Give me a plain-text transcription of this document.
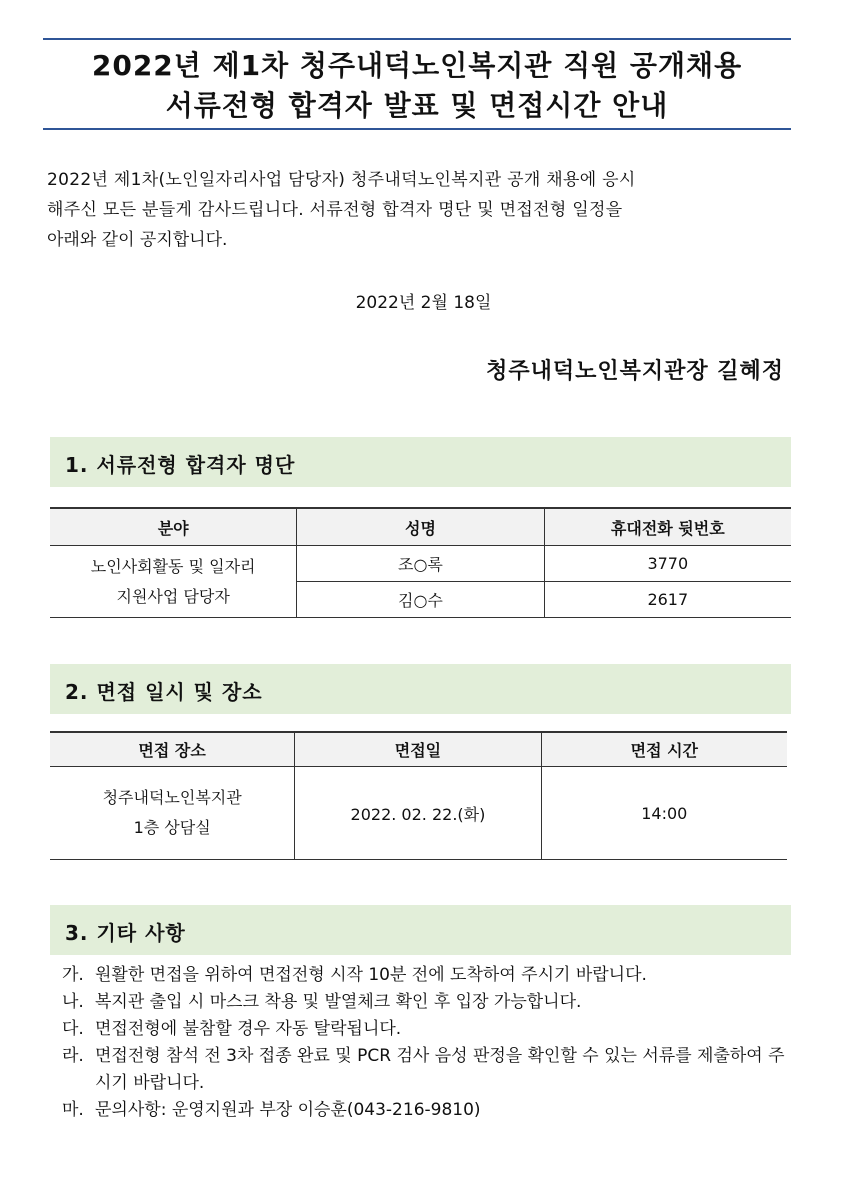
2022년 제1차 청주내덕노인복지관 직원 공개채용
서류전형 합격자 발표 및 면접시간 안내
2022년 제1차(노인일자리사업 담당자) 청주내덕노인복지관 공개 채용에 응시
해주신 모든 분들게 감사드립니다. 서류전형 합격자 명단 및 면접전형 일정을
아래와 같이 공지합니다.
2022년 2월 18일
청주내덕노인복지관장 길혜정
1. 서류전형 합격자 명단
분야	성명	휴대전화 뒷번호

노인사회활동 및 일자리
지원사업 담당자	조○록	3770
	김○수	2617
2. 면접 일시 및 장소
면접 장소	면접일	면접 시간

청주내덕노인복지관
1층 상담실	2022. 02. 22.(화)	14:00
3. 기타 사항
가. 원활한 면접을 위하여 면접전형 시작 10분 전에 도착하여 주시기 바랍니다.
나. 복지관 출입 시 마스크 착용 및 발열체크 확인 후 입장 가능합니다.
다. 면접전형에 불참할 경우 자동 탈락됩니다.
라. 면접전형 참석 전 3차 접종 완료 및 PCR 검사 음성 판정을 확인할 수 있는 서류를 제출하여 주시기 바랍니다.
마. 문의사항: 운영지원과 부장 이승훈(043-216-9810)
